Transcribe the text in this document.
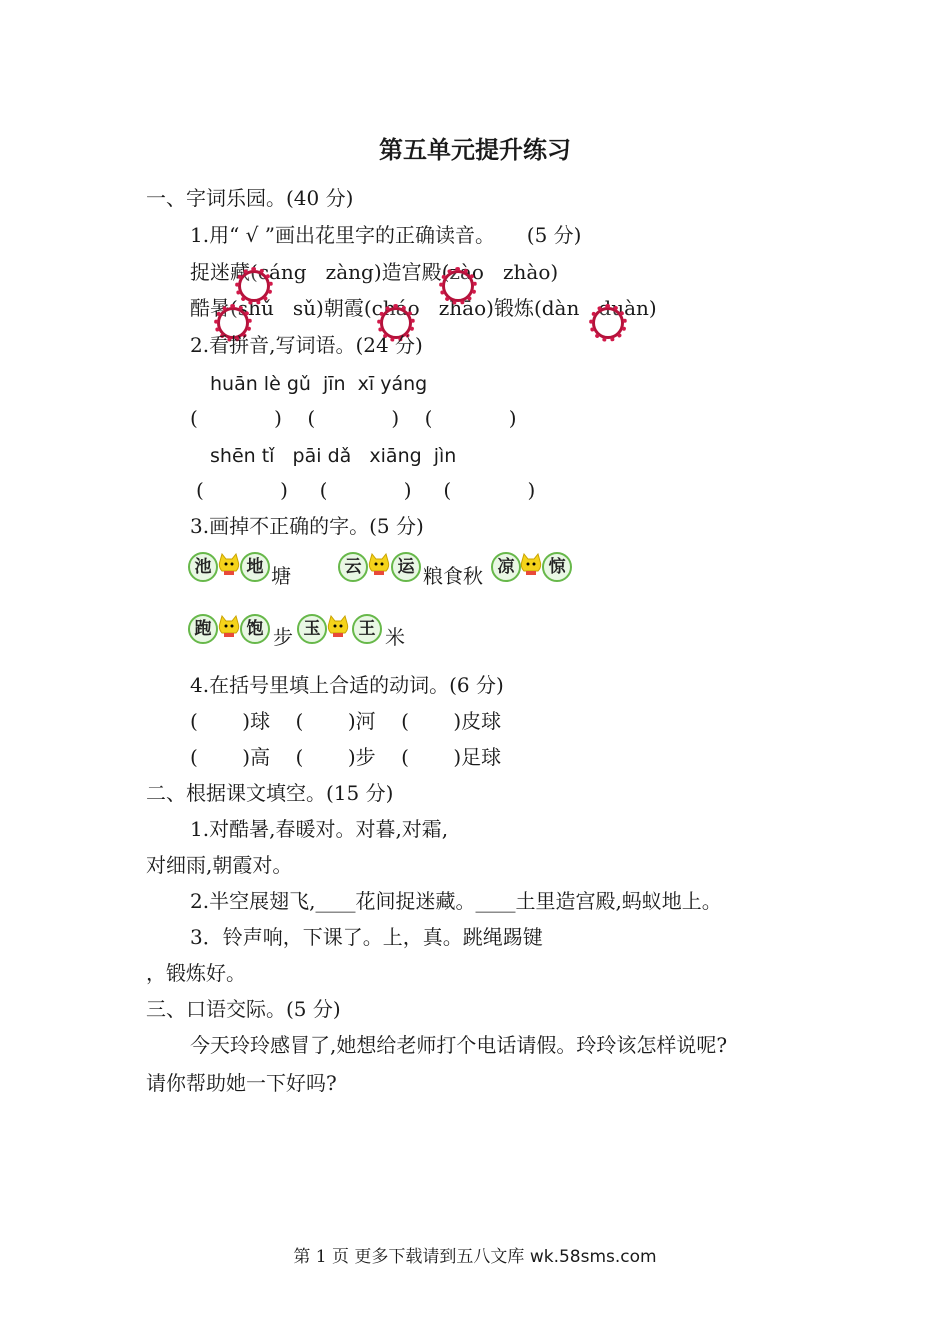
第五单元提升练习
一、字词乐园。(40 分)
1.用“ √ ”画出花里字的正确读音。     (5 分)
捉迷藏(cáng   zàng)造宫殿(zào   zhào)
酷暑(shǔ   sǔ)朝霞(cháo   zhāo)锻炼(dàn   duàn)
2.看拼音,写词语。(24 分)
huān lè gǔ  jīn  xī yáng
(            )    (            )    (            )
shēn tǐ   pāi dǎ   xiāng  jìn
(            )     (            )     (            )
3.画掉不正确的字。(5 分)
池	地 塘	云	运 粮食秋 凉	惊
跑	饱 步 玉	王 米
4.在括号里填上合适的动词。(6 分)
(       )球    (       )河    (       )皮球
(       )高    (       )步    (       )足球
二、根据课文填空。(15 分)
1.对酷暑,春暖对。对暮,对霜,
对细雨,朝霞对。
2.半空展翅飞,____花间捉迷藏。____土里造宫殿,蚂蚁地上。
3．铃声响，下课了。上，真。跳绳踢键
，锻炼好。
三、口语交际。(5 分)
今天玲玲感冒了,她想给老师打个电话请假。玲玲该怎样说呢?
请你帮助她一下好吗?
第 1 页 更多下载请到五八文库 wk.58sms.com
